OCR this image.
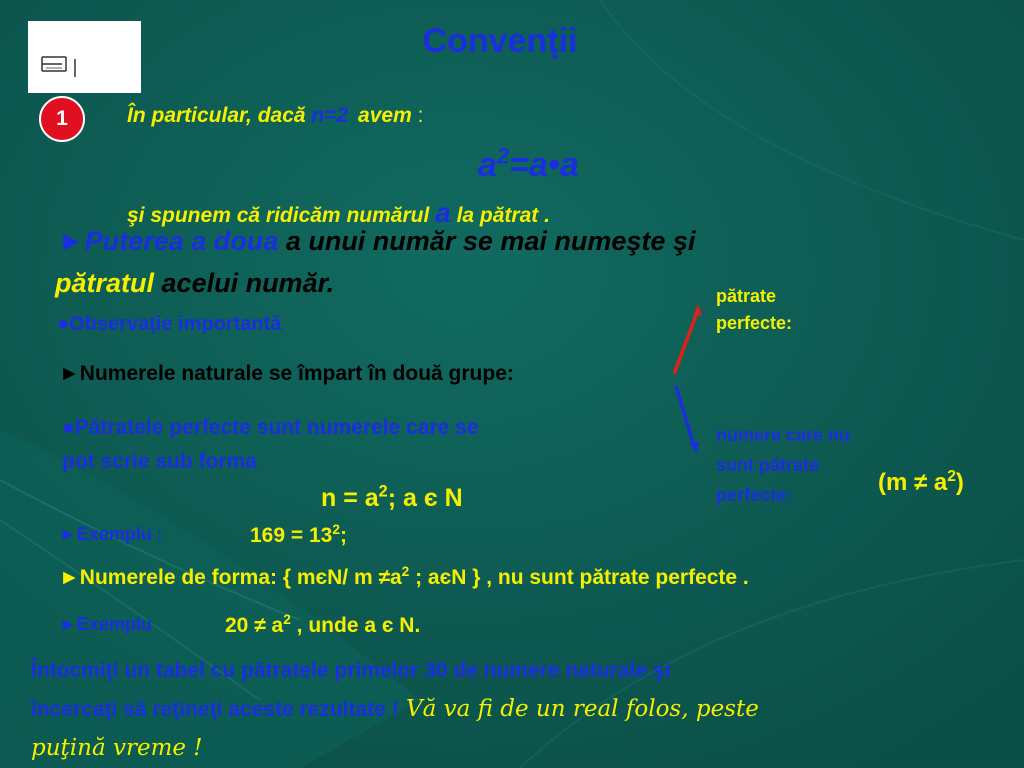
Convenţii
1	În particular, dacă n=2 avem :
$a^2=a•a$
şi spunem că ridicăm numărul a la pătrat .
►Puterea a doua a unui număr se mai numeşte şi
pătratul acelui număr.
●Observaţie importantă
►Numerele naturale se împart în două grupe:
pătrate
perfecte:
numere care nu
sunt pătrate
perfecte:	$(m \ne a^2)$
●Pătratele perfecte sunt numerele care se
pot scrie sub forma
$n = a^2$; a є N
►Exemplu :	$169 = 13^2$;
►Numerele de forma: { mєN/ $m \ne a^2$ ; aєN } , nu sunt pătrate perfecte .
►Exemplu	$20 \ne a^2$ , unde a є N.
Întocmiţi un tabel cu pătratele primelor 30 de numere naturale şi
încercaţi să reţineţi aceste rezultate ! Vă va fi de un real folos, peste
puţină vreme !
